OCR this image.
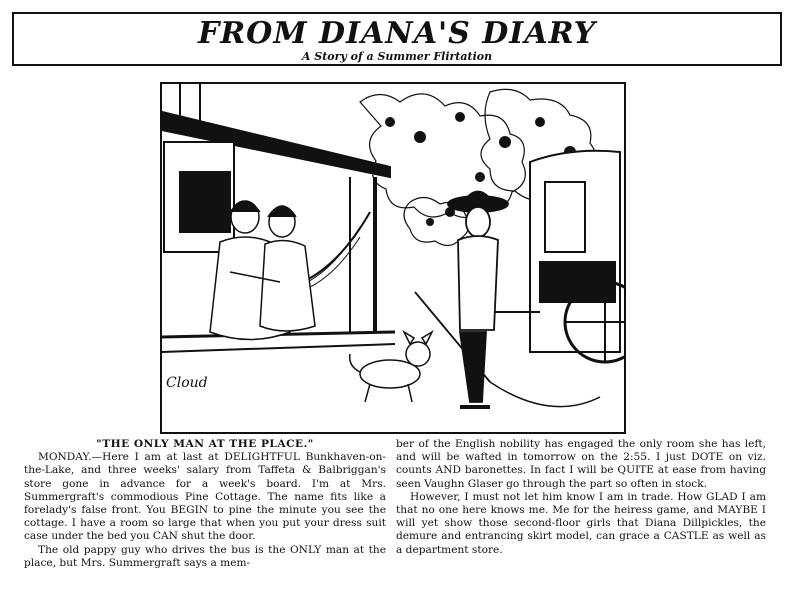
FROM DIANA'S DIARY
A Story of a Summer Flirtation
Cloud

"THE ONLY MAN AT THE PLACE."

MONDAY.—Here I am at last at DELIGHTFUL Bunkhaven-on-the-Lake, and three weeks' salary from Taffeta & Balbriggan's store gone in advance for a week's board. I'm at Mrs. Summergraft's commodious Pine Cottage. The name fits like a forelady's false front. You BEGIN to pine the minute you see the cottage. I have a room so large that when you put your dress suit case under the bed you CAN shut the door.

The old pappy guy who drives the bus is the ONLY man at the place, but Mrs. Summergraft says a mem-

ber of the English nobility has engaged the only room she has left, and will be wafted in tomorrow on the 2:55. I just DOTE on viz. counts AND baronettes. In fact I will be QUITE at ease from having seen Vaughn Glaser go through the part so often in stock.

However, I must not let him know I am in trade. How GLAD I am that no one here knows me. Me for the heiress game, and MAYBE I will yet show those second-floor girls that Diana Dillpickles, the demure and entrancing skirt model, can grace a CASTLE as well as a department store.
